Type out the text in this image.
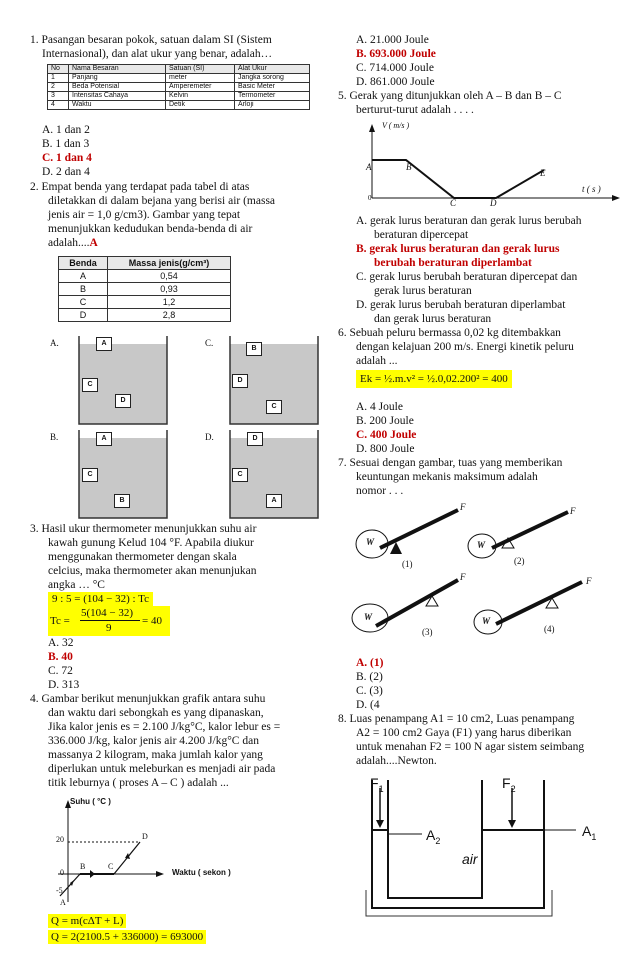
1. Pasangan besaran pokok, satuan dalam SI (Sistem
Internasional), dan alat ukur yang benar, adalah…
No	Nama Besaran	Satuan (SI)	Alat Ukur
1	Panjang	meter	Jangka sorong
2	Beda Potensial	Amperemeter	Basic Meter
3	Intensitas Cahaya	Kelvin	Termometer
4	Waktu	Detik	Arloji
A. 1 dan 2
B. 1 dan 3
C. 1 dan 4
D. 2 dan 4
2. Empat benda yang terdapat pada tabel di atas
diletakkan di dalam bejana yang berisi air (massa
jenis air = 1,0 g/cm3). Gambar yang tepat
menunjukkan kedudukan benda-benda di air
adalah....A
Benda	Massa jenis(g/cm³)
A	0,54
B	0,93
C	1,2
D	2,8
A.	A
C
D
C.
B
D
C
B.	A
C
B
D.	D
C
A
3. Hasil ukur thermometer menunjukkan suhu air
kawah gunung Kelud 104 °F. Apabila diukur
menggunakan thermometer dengan skala
celcius, maka thermometer akan menunjukan
angka … °C
9 : 5 = (104 − 32) : Tc
Tc =
5(104 − 32)
9
= 40
A. 32
B. 40
C. 72
D. 313
4. Gambar berikut menunjukkan grafik antara suhu
dan waktu dari sebongkah es yang dipanaskan,
Jika kalor jenis es = 2.100 J/kg°C, kalor lebur es =
336.000 J/kg, kalor jenis air 4.200 J/kg°C dan
massanya 2 kilogram, maka jumlah kalor yang
diperlukan untuk meleburkan es menjadi air pada
titik leburnya ( proses A – C ) adalah ...
Suhu ( °C )
Waktu ( sekon )
20
0
-5
A
B	C
D
Q = m(cΔT + L)
Q = 2(2100.5 + 336000) = 693000
A. 21.000 Joule
B. 693.000 Joule
C. 714.000 Joule
D. 861.000 Joule
5. Gerak yang ditunjukkan oleh A – B dan B – C
berturut-turut adalah . . . .
V ( m/s )
t ( s )
0
A	B
C	D
E
A. gerak lurus beraturan dan gerak lurus berubah
beraturan dipercepat
B. gerak lurus beraturan dan gerak lurus
berubah beraturan diperlambat
C. gerak lurus berubah beraturan dipercepat dan
gerak lurus beraturan
D. gerak lurus berubah beraturan diperlambat
dan gerak lurus beraturan
6. Sebuah peluru bermassa 0,02 kg ditembakkan
dengan kelajuan 200 m/s. Energi kinetik peluru
adalah ...
Ek = ½.m.v² = ½.0,02.200² = 400
A. 4 Joule
B. 200 Joule
C. 400 Joule
D. 800 Joule
7. Sesuai dengan gambar, tuas yang memberikan
keuntungan mekanis maksimum adalah
nomor . . .
W	W
W	W
F	F
F	F
(1)	(2)
(3)	(4)
A. (1)
B. (2)
C. (3)
D. (4
8. Luas penampang A1 = 10 cm2, Luas penampang
A2 = 100 cm2 Gaya (F1) yang harus diberikan
untuk menahan F2 = 100 N agar sistem seimbang
adalah....Newton.
$F_1$	$F_2$
$A_2$
$A_1$
air
